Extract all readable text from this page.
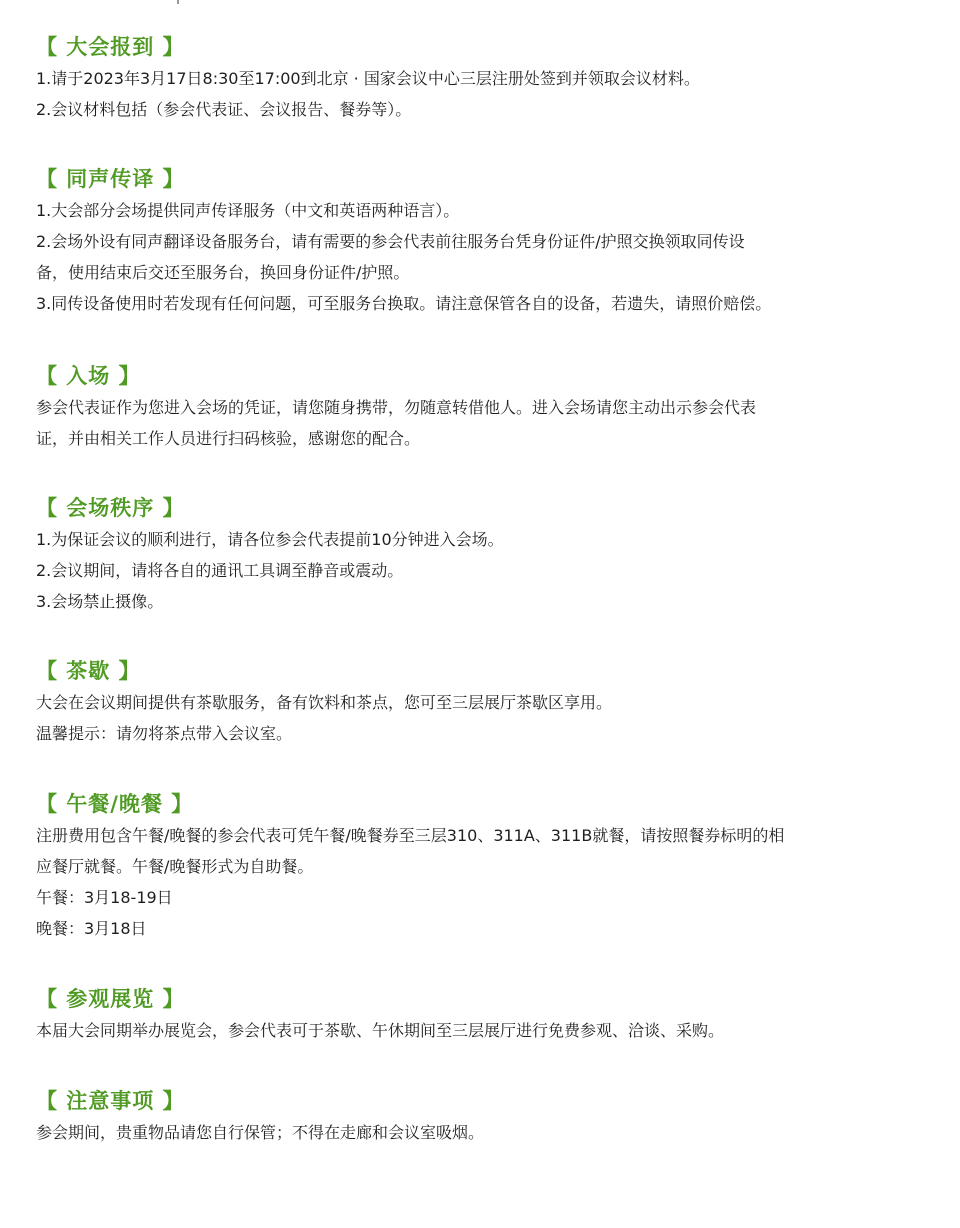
【 大会报到 】

1.请于2023年3月17日8:30至17:00到北京 · 国家会议中心三层注册处签到并领取会议材料。

2.会议材料包括（参会代表证、会议报告、餐券等）。

【 同声传译 】

1.大会部分会场提供同声传译服务（中文和英语两种语言）。

2.会场外设有同声翻译设备服务台，请有需要的参会代表前往服务台凭身份证件/护照交换领取同传设

备，使用结束后交还至服务台，换回身份证件/护照。

3.同传设备使用时若发现有任何问题，可至服务台换取。请注意保管各自的设备，若遗失，请照价赔偿。

【 入场 】

参会代表证作为您进入会场的凭证，请您随身携带，勿随意转借他人。进入会场请您主动出示参会代表

证，并由相关工作人员进行扫码核验，感谢您的配合。

【 会场秩序 】

1.为保证会议的顺利进行，请各位参会代表提前10分钟进入会场。

2.会议期间，请将各自的通讯工具调至静音或震动。

3.会场禁止摄像。

【 茶歇 】

大会在会议期间提供有茶歇服务，备有饮料和茶点，您可至三层展厅茶歇区享用。

温馨提示：请勿将茶点带入会议室。

【 午餐/晚餐 】

注册费用包含午餐/晚餐的参会代表可凭午餐/晚餐券至三层310、311A、311B就餐，请按照餐券标明的相

应餐厅就餐。午餐/晚餐形式为自助餐。

午餐：3月18-19日

晚餐：3月18日

【 参观展览 】

本届大会同期举办展览会，参会代表可于茶歇、午休期间至三层展厅进行免费参观、洽谈、采购。

【 注意事项 】

参会期间，贵重物品请您自行保管；不得在走廊和会议室吸烟。
